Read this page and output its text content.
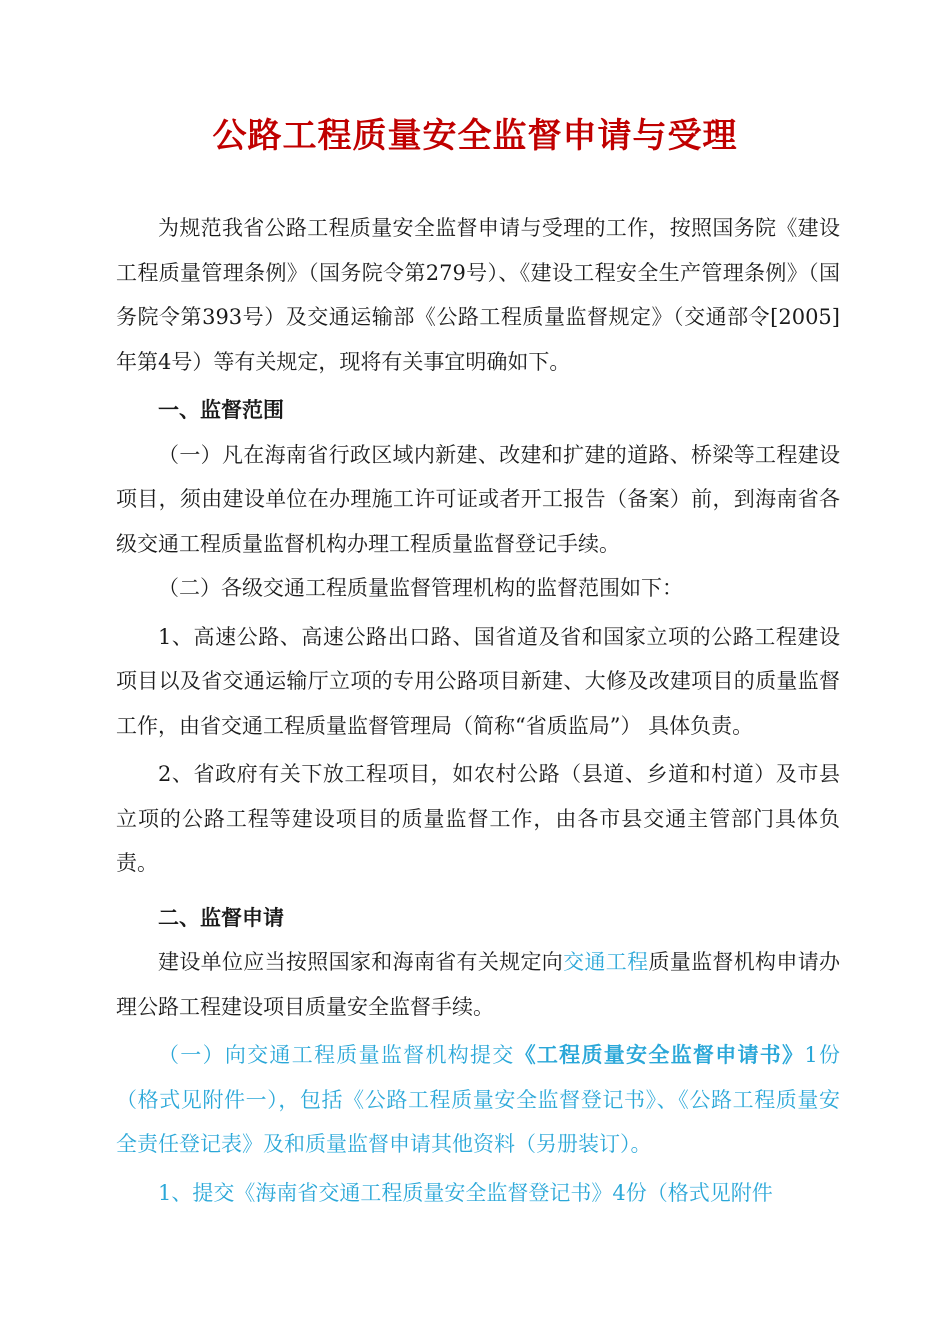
公路工程质量安全监督申请与受理

为规范我省公路工程质量安全监督申请与受理的工作，按照国务院《建设工程质量管理条例》（国务院令第279号）、《建设工程安全生产管理条例》（国务院令第393号）及交通运输部《公路工程质量监督规定》（交通部令[2005]年第4号）等有关规定，现将有关事宜明确如下。

一、监督范围

（一）凡在海南省行政区域内新建、改建和扩建的道路、桥梁等工程建设项目，须由建设单位在办理施工许可证或者开工报告（备案）前，到海南省各级交通工程质量监督机构办理工程质量监督登记手续。

（二）各级交通工程质量监督管理机构的监督范围如下：

1、高速公路、高速公路出口路、国省道及省和国家立项的公路工程建设项目以及省交通运输厅立项的专用公路项目新建、大修及改建项目的质量监督工作，由省交通工程质量监督管理局（简称“省质监局”） 具体负责。

2、省政府有关下放工程项目，如农村公路（县道、乡道和村道）及市县立项的公路工程等建设项目的质量监督工作，由各市县交通主管部门具体负责。

二、监督申请

建设单位应当按照国家和海南省有关规定向交通工程质量监督机构申请办理公路工程建设项目质量安全监督手续。

（一）向交通工程质量监督机构提交《工程质量安全监督申请书》1份（格式见附件一），包括《公路工程质量安全监督登记书》、《公路工程质量安全责任登记表》及和质量监督申请其他资料（另册装订）。

1、提交《海南省交通工程质量安全监督登记书》4份（格式见附件
